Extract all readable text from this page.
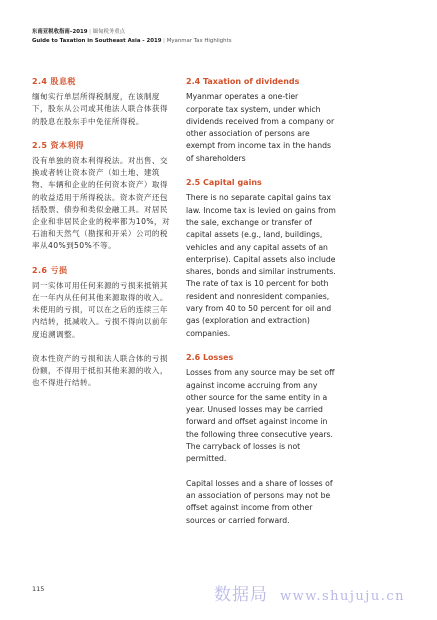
东南亚税收指南–2019 | 缅甸税务重点
Guide to Taxation in Southeast Asia - 2019 | Myanmar Tax Highlights
2.4 股息税

缅甸实行单层所得税制度，在该制度下，股东从公司或其他法人联合体获得的股息在股东手中免征所得税。

2.5 资本利得

没有单独的资本利得税法。对出售、交换或者转让资本资产（如土地、建筑物、车辆和企业的任何资本资产）取得的收益适用于所得税法。资本资产还包括股票、债券和类似金融工具。对居民企业和非居民企业的税率都为10%，对石油和天然气（勘探和开采）公司的税率从40%到50%不等。

2.6 亏损

同一实体可用任何来源的亏损来抵销其在一年内从任何其他来源取得的收入。未使用的亏损，可以在之后的连续三年内结转，抵减收入。亏损不得向以前年度追溯调整。

资本性资产的亏损和法人联合体的亏损份额，不得用于抵扣其他来源的收入，也不得进行结转。

2.4 Taxation of dividends

Myanmar operates a one-tier corporate tax system, under which dividends received from a company or other association of persons are exempt from income tax in the hands of shareholders

2.5 Capital gains

There is no separate capital gains tax law. Income tax is levied on gains from the sale, exchange or transfer of capital assets (e.g., land, buildings, vehicles and any capital assets of an enterprise). Capital assets also include shares, bonds and similar instruments. The rate of tax is 10 percent for both resident and nonresident companies, vary from 40 to 50 percent for oil and gas (exploration and extraction) companies.

2.6 Losses

Losses from any source may be set off against income accruing from any other source for the same entity in a year. Unused losses may be carried forward and offset against income in the following three consecutive years. The carryback of losses is not permitted.

Capital losses and a share of losses of an association of persons may not be offset against income from other sources or carried forward.

115	数据局 www.shujuju.cn
